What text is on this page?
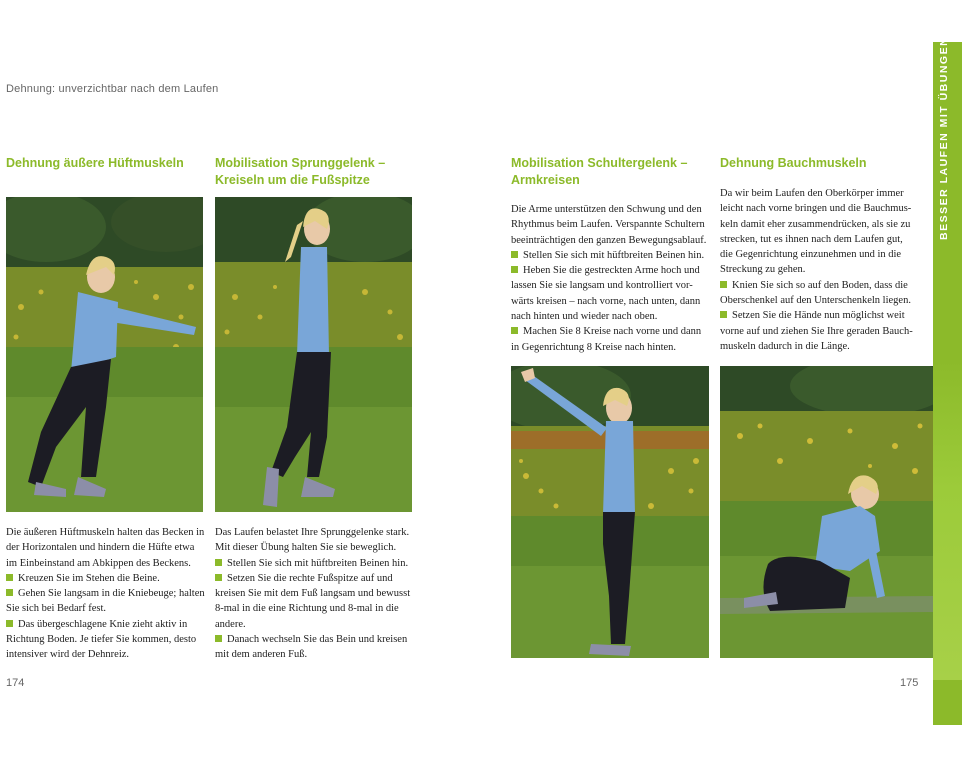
Dehnung: unverzichtbar nach dem Laufen
Dehnung äußere Hüftmuskeln

Die äußeren Hüftmuskeln halten das Becken in

der Horizontalen und hindern die Hüfte etwa

im Einbeinstand am Abkippen des Beckens.

Kreuzen Sie im Stehen die Beine.

Gehen Sie langsam in die Kniebeuge; halten

Sie sich bei Bedarf fest.

Das übergeschlagene Knie zieht aktiv in

Richtung Boden. Je tiefer Sie kommen, desto

intensiver wird der Dehnreiz.

Mobilisation Sprunggelenk –
Kreiseln um die Fußspitze

Das Laufen belastet Ihre Sprunggelenke stark.

Mit dieser Übung halten Sie sie beweglich.

Stellen Sie sich mit hüftbreiten Beinen hin.

Setzen Sie die rechte Fußspitze auf und

kreisen Sie mit dem Fuß langsam und bewusst

8-mal in die eine Richtung und 8-mal in die

andere.

Danach wechseln Sie das Bein und kreisen

mit dem anderen Fuß.

Mobilisation Schultergelenk –
Armkreisen

Die Arme unterstützen den Schwung und den

Rhythmus beim Laufen. Verspannte Schultern

beeinträchtigen den ganzen Bewegungsablauf.

Stellen Sie sich mit hüftbreiten Beinen hin.

Heben Sie die gestreckten Arme hoch und

lassen Sie sie langsam und kontrolliert vor-

wärts kreisen – nach vorne, nach unten, dann

nach hinten und wieder nach oben.

Machen Sie 8 Kreise nach vorne und dann

in Gegenrichtung 8 Kreise nach hinten.

Dehnung Bauchmuskeln

Da wir beim Laufen den Oberkörper immer

leicht nach vorne bringen und die Bauchmus-

keln damit eher zusammendrücken, als sie zu

strecken, tut es ihnen nach dem Laufen gut,

die Gegenrichtung einzunehmen und in die

Streckung zu gehen.

Knien Sie sich so auf den Boden, dass die

Oberschenkel auf den Unterschenkeln liegen.

Setzen Sie die Hände nun möglichst weit

vorne auf und ziehen Sie Ihre geraden Bauch-

muskeln dadurch in die Länge.

174	175
BESSER LAUFEN MIT ÜBUNGEN
